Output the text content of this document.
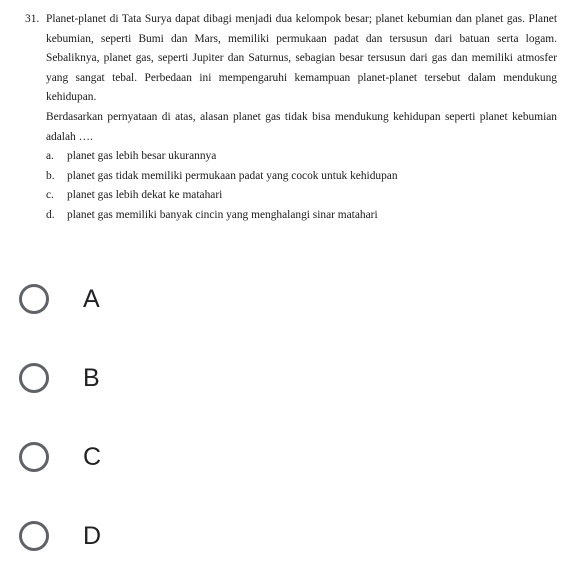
31. Planet-planet di Tata Surya dapat dibagi menjadi dua kelompok besar; planet kebumian dan planet gas. Planet kebumian, seperti Bumi dan Mars, memiliki permukaan padat dan tersusun dari batuan serta logam. Sebaliknya, planet gas, seperti Jupiter dan Saturnus, sebagian besar tersusun dari gas dan memiliki atmosfer yang sangat tebal. Perbedaan ini mempengaruhi kemampuan planet-planet tersebut dalam mendukung kehidupan.

Berdasarkan pernyataan di atas, alasan planet gas tidak bisa mendukung kehidupan seperti planet kebumian adalah ….

a.	planet gas lebih besar ukurannya
b.	planet gas tidak memiliki permukaan padat yang cocok untuk kehidupan
c.	planet gas lebih dekat ke matahari
d.	planet gas memiliki banyak cincin yang menghalangi sinar matahari
A
B
C
D
